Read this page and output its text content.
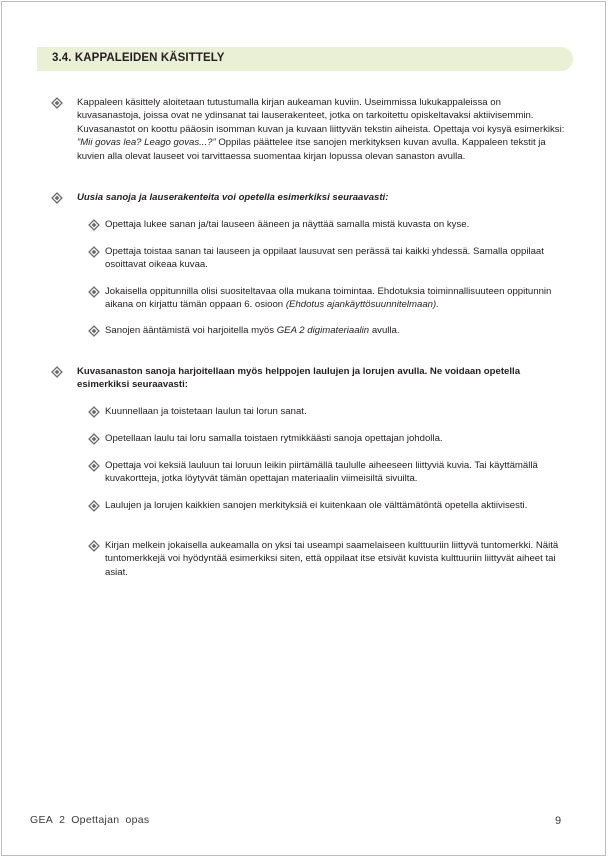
3.4. KAPPALEIDEN KÄSITTELY
Kappaleen käsittely aloitetaan tutustumalla kirjan aukeaman kuviin. Useimmissa lukukappaleissa on kuvasanastoja, joissa ovat ne ydinsanat tai lauserakenteet, jotka on tarkoitettu opiskeltavaksi aktiivisemmin. Kuvasanastot on koottu pääosin isomman kuvan ja kuvaan liittyvän tekstin aiheista. Opettaja voi kysyä esimerkiksi: ”Mii govas lea? Leago govas...?” Oppilas päättelee itse sanojen merkityksen kuvan avulla. Kappaleen tekstit ja kuvien alla olevat lauseet voi tarvittaessa suomentaa kirjan lopussa olevan sanaston avulla.
Uusia sanoja ja lauserakenteita voi opetella esimerkiksi seuraavasti:
Opettaja lukee sanan ja/tai lauseen ääneen ja näyttää samalla mistä kuvasta on kyse.
Opettaja toistaa sanan tai lauseen ja oppilaat lausuvat sen perässä tai kaikki yhdessä. Samalla oppilaat osoittavat oikeaa kuvaa.
Jokaisella oppitunnilla olisi suositeltavaa olla mukana toimintaa. Ehdotuksia toiminnallisuuteen oppitunnin aikana on kirjattu tämän oppaan 6. osioon (Ehdotus ajankäyttösuunnitelmaan).
Sanojen ääntämistä voi harjoitella myös GEA 2 digimateriaalin avulla.
Kuvasanaston sanoja harjoitellaan myös helppojen laulujen ja lorujen avulla. Ne voidaan opetella esimerkiksi seuraavasti:
Kuunnellaan ja toistetaan laulun tai lorun sanat.
Opetellaan laulu tai loru samalla toistaen rytmikkäästi sanoja opettajan johdolla.
Opettaja voi keksiä lauluun tai loruun leikin piirtämällä taululle aiheeseen liittyviä kuvia. Tai käyttämällä kuvakortteja, jotka löytyvät tämän opettajan materiaalin viimeisiltä sivuilta.
Laulujen ja lorujen kaikkien sanojen merkityksiä ei kuitenkaan ole välttämätöntä opetella aktiivisesti.
Kirjan melkein jokaisella aukeamalla on yksi tai useampi saamelaiseen kulttuuriin liittyvä tuntomerkki. Näitä tuntomerkkejä voi hyödyntää esimerkiksi siten, että oppilaat itse etsivät kuvista kulttuuriin liittyvät aiheet tai asiat.
GEA 2 Opettajan opas	9
